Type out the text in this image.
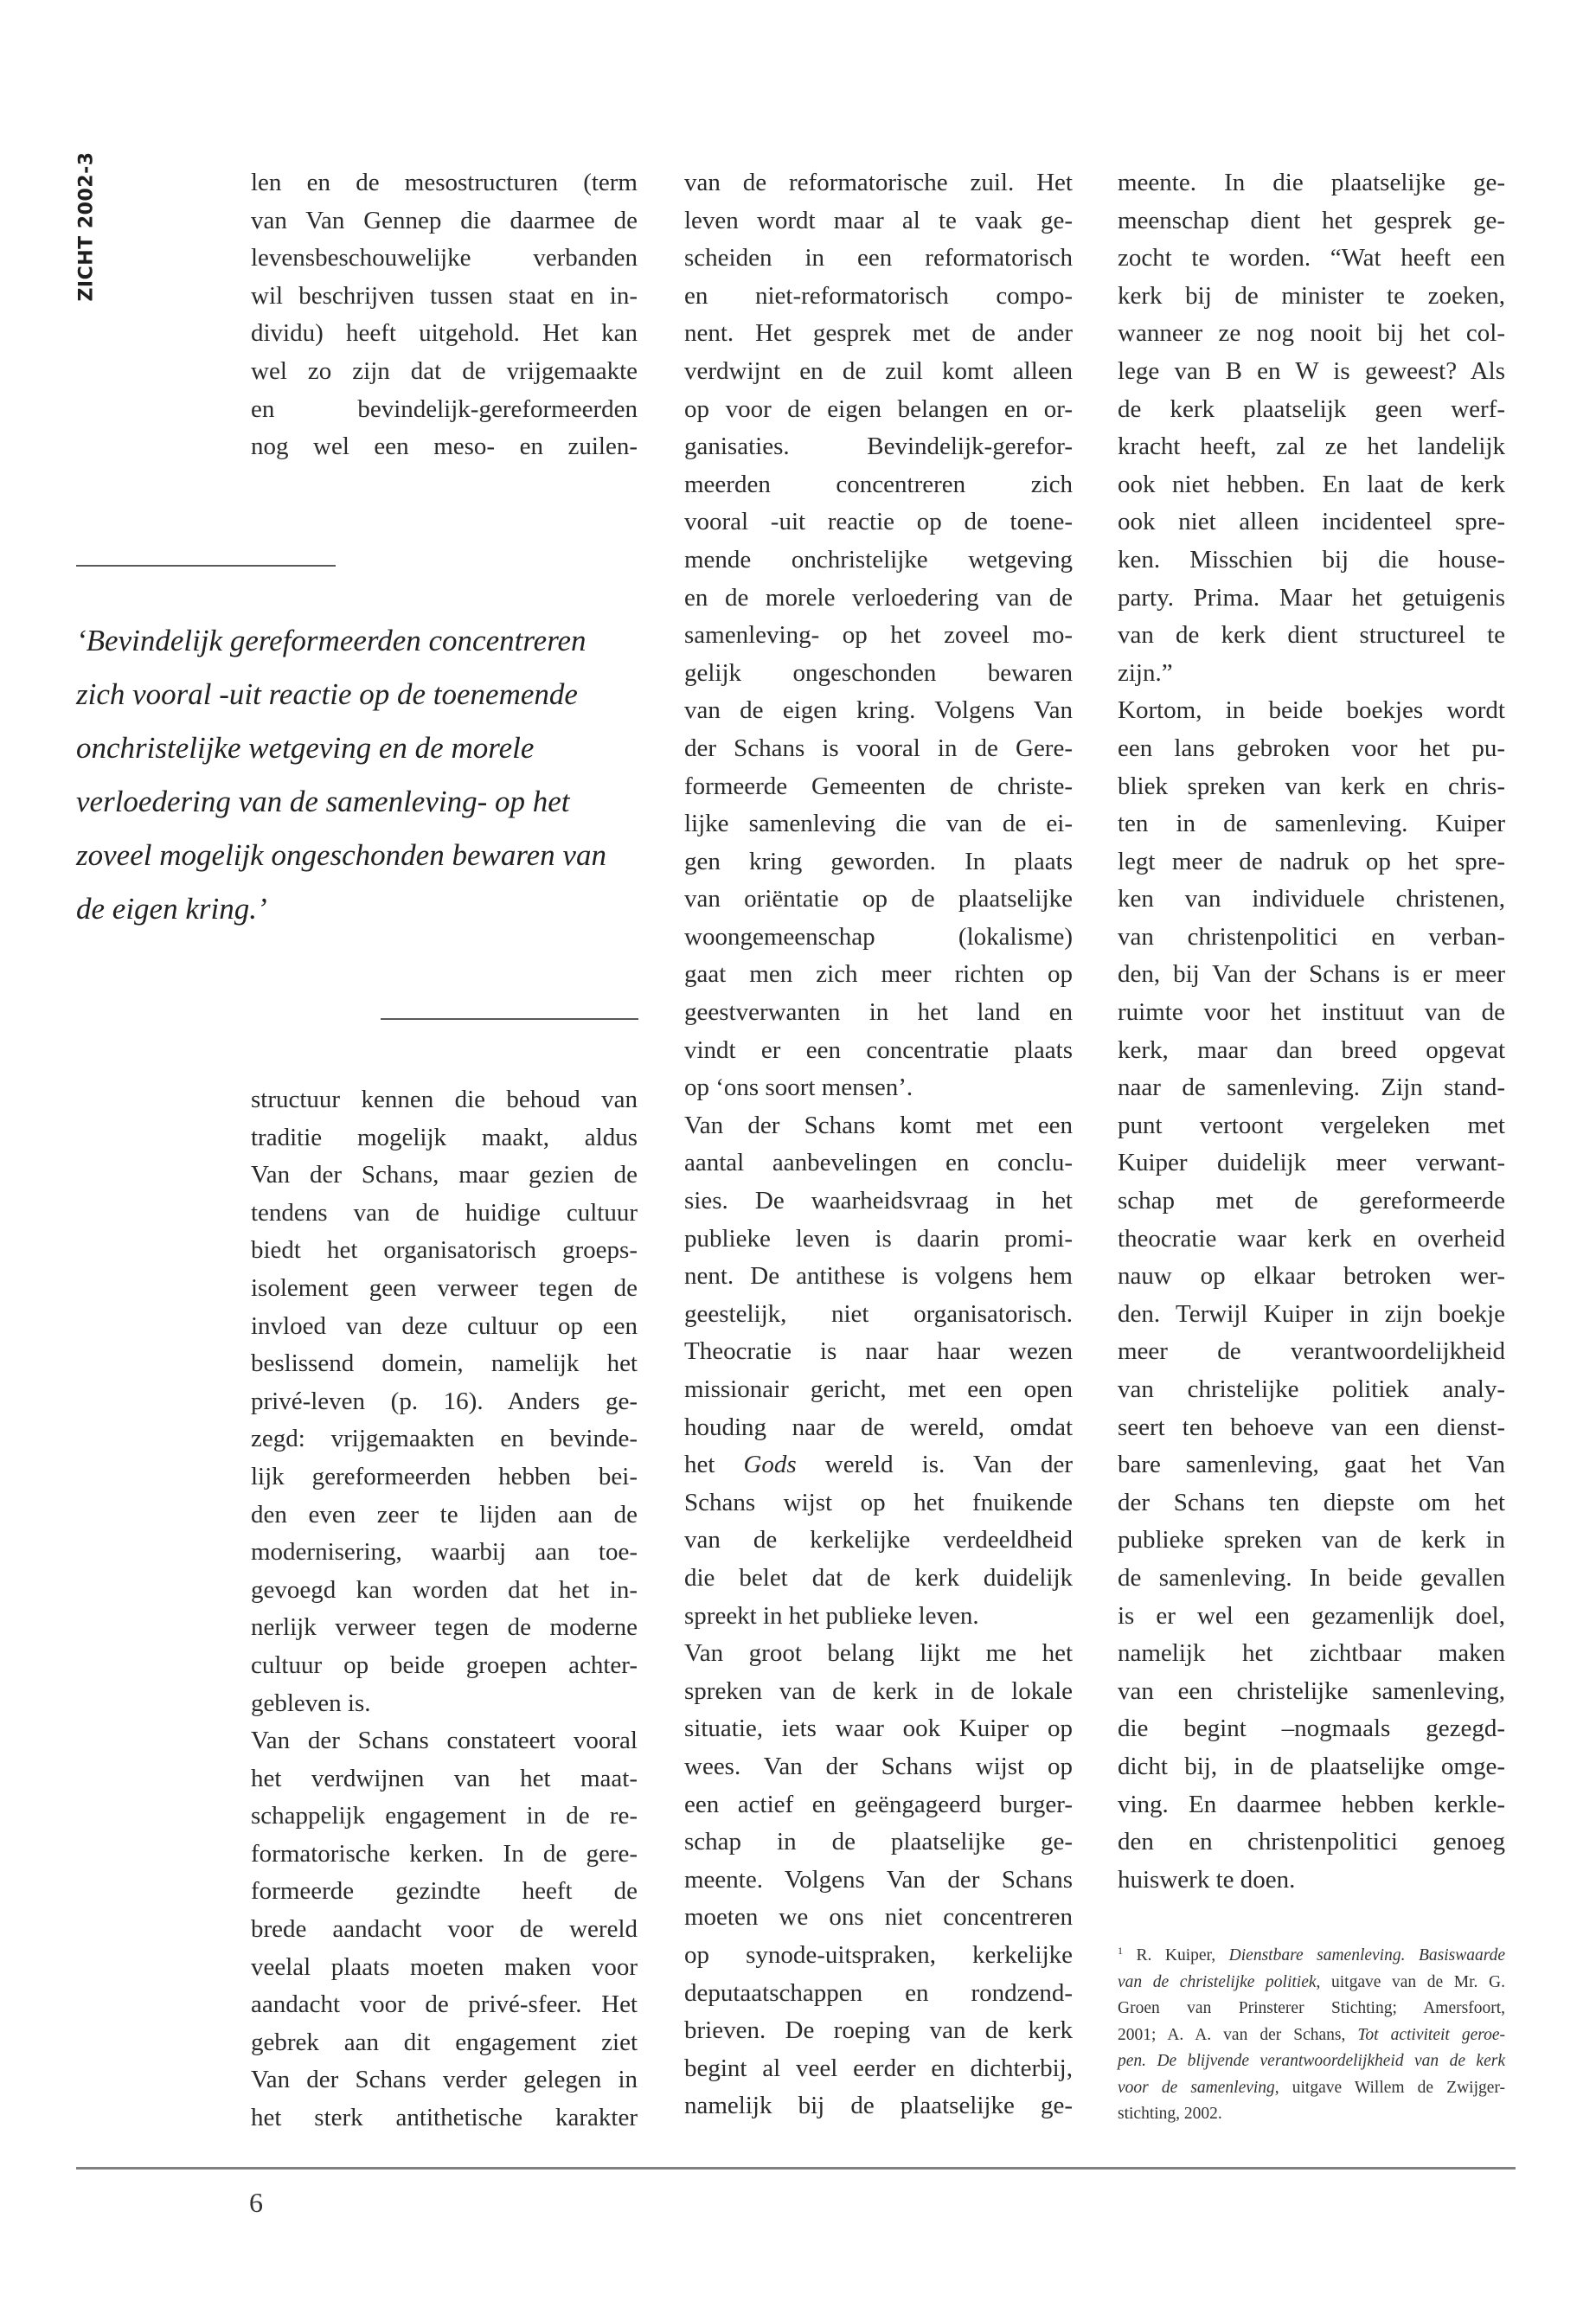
ZICHT 2002-3	len en de mesostructuren (term
van Van Gennep die daarmee de
levensbeschouwelijke verbanden
wil beschrijven tussen staat en in-
dividu) heeft uitgehold. Het kan
wel zo zijn dat de vrijgemaakte
en bevindelijk-gereformeerden
nog wel een meso- en zuilen-
‘Bevindelijk gereformeerden concentreren
zich vooral -uit reactie op de toenemende
onchristelijke wetgeving en de morele
verloedering van de samenleving- op het
zoveel mogelijk ongeschonden bewaren van
de eigen kring.’
structuur kennen die behoud van
traditie mogelijk maakt, aldus
Van der Schans, maar gezien de
tendens van de huidige cultuur
biedt het organisatorisch groeps-
isolement geen verweer tegen de
invloed van deze cultuur op een
beslissend domein, namelijk het
privé-leven (p. 16). Anders ge-
zegd: vrijgemaakten en bevinde-
lijk gereformeerden hebben bei-
den even zeer te lijden aan de
modernisering, waarbij aan toe-
gevoegd kan worden dat het in-
nerlijk verweer tegen de moderne
cultuur op beide groepen achter-
gebleven is.
Van der Schans constateert vooral
het verdwijnen van het maat-
schappelijk engagement in de re-
formatorische kerken. In de gere-
formeerde gezindte heeft de
brede aandacht voor de wereld
veelal plaats moeten maken voor
aandacht voor de privé-sfeer. Het
gebrek aan dit engagement ziet
Van der Schans verder gelegen in
het sterk antithetische karakter
van de reformatorische zuil. Het
leven wordt maar al te vaak ge-
scheiden in een reformatorisch
en niet-reformatorisch compo-
nent. Het gesprek met de ander
verdwijnt en de zuil komt alleen
op voor de eigen belangen en or-
ganisaties. Bevindelijk-gerefor-
meerden concentreren zich
vooral -uit reactie op de toene-
mende onchristelijke wetgeving
en de morele verloedering van de
samenleving- op het zoveel mo-
gelijk ongeschonden bewaren
van de eigen kring. Volgens Van
der Schans is vooral in de Gere-
formeerde Gemeenten de christe-
lijke samenleving die van de ei-
gen kring geworden. In plaats
van oriëntatie op de plaatselijke
woongemeenschap (lokalisme)
gaat men zich meer richten op
geestverwanten in het land en
vindt er een concentratie plaats
op ‘ons soort mensen’.
Van der Schans komt met een
aantal aanbevelingen en conclu-
sies. De waarheidsvraag in het
publieke leven is daarin promi-
nent. De antithese is volgens hem
geestelijk, niet organisatorisch.
Theocratie is naar haar wezen
missionair gericht, met een open
houding naar de wereld, omdat
het Gods wereld is. Van der
Schans wijst op het fnuikende
van de kerkelijke verdeeldheid
die belet dat de kerk duidelijk
spreekt in het publieke leven.
Van groot belang lijkt me het
spreken van de kerk in de lokale
situatie, iets waar ook Kuiper op
wees. Van der Schans wijst op
een actief en geëngageerd burger-
schap in de plaatselijke ge-
meente. Volgens Van der Schans
moeten we ons niet concentreren
op synode-uitspraken, kerkelijke
deputaatschappen en rondzend-
brieven. De roeping van de kerk
begint al veel eerder en dichterbij,
namelijk bij de plaatselijke ge-
meente. In die plaatselijke ge-
meenschap dient het gesprek ge-
zocht te worden. “Wat heeft een
kerk bij de minister te zoeken,
wanneer ze nog nooit bij het col-
lege van B en W is geweest? Als
de kerk plaatselijk geen werf-
kracht heeft, zal ze het landelijk
ook niet hebben. En laat de kerk
ook niet alleen incidenteel spre-
ken. Misschien bij die house-
party. Prima. Maar het getuigenis
van de kerk dient structureel te
zijn.”
Kortom, in beide boekjes wordt
een lans gebroken voor het pu-
bliek spreken van kerk en chris-
ten in de samenleving. Kuiper
legt meer de nadruk op het spre-
ken van individuele christenen,
van christenpolitici en verban-
den, bij Van der Schans is er meer
ruimte voor het instituut van de
kerk, maar dan breed opgevat
naar de samenleving. Zijn stand-
punt vertoont vergeleken met
Kuiper duidelijk meer verwant-
schap met de gereformeerde
theocratie waar kerk en overheid
nauw op elkaar betroken wer-
den. Terwijl Kuiper in zijn boekje
meer de verantwoordelijkheid
van christelijke politiek analy-
seert ten behoeve van een dienst-
bare samenleving, gaat het Van
der Schans ten diepste om het
publieke spreken van de kerk in
de samenleving. In beide gevallen
is er wel een gezamenlijk doel,
namelijk het zichtbaar maken
van een christelijke samenleving,
die begint –nogmaals gezegd-
dicht bij, in de plaatselijke omge-
ving. En daarmee hebben kerkle-
den en christenpolitici genoeg
huiswerk te doen.
$^1$ R. Kuiper, Dienstbare samenleving. Basiswaarde
van de christelijke politiek, uitgave van de Mr. G.
Groen van Prinsterer Stichting; Amersfoort,
2001; A. A. van der Schans, Tot activiteit geroe-
pen. De blijvende verantwoordelijkheid van de kerk
voor de samenleving, uitgave Willem de Zwijger-
stichting, 2002.
6
